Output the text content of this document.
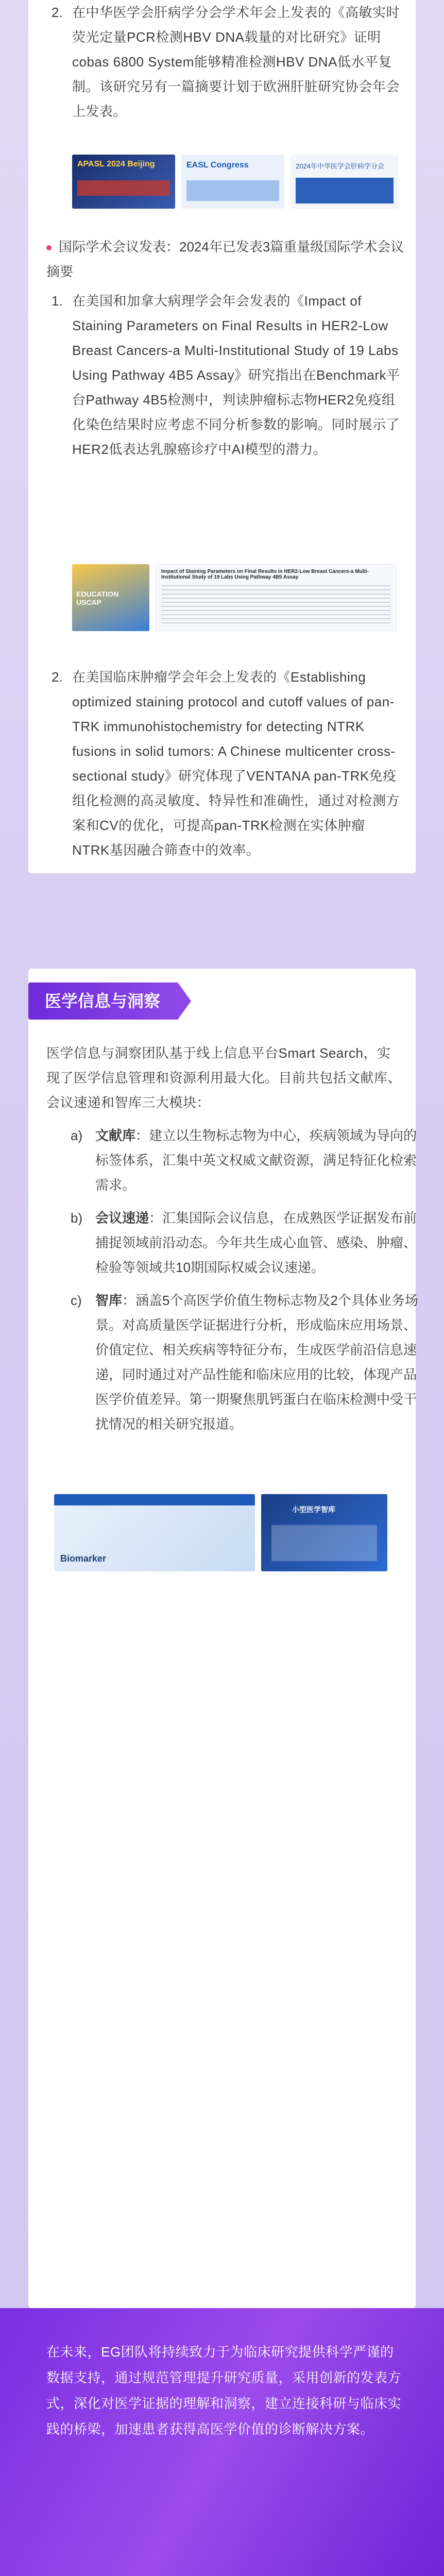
2. 在中华医学会肝病学分会学术年会上发表的《高敏实时荧光定量PCR检测HBV DNA载量的对比研究》证明cobas 6800 System能够精准检测HBV DNA低水平复制。该研究另有一篇摘要计划于欧洲肝脏研究协会年会上发表。
APASL 2024 Beijing	EASL Congress	2024年中华医学会肝病学分会
国际学术会议发表：2024年已发表3篇重量级国际学术会议摘要
1. 在美国和加拿大病理学会年会发表的《Impact of Staining Parameters on Final Results in HER2-Low Breast Cancers-a Multi-Institutional Study of 19 Labs Using Pathway 4B5 Assay》研究指出在Benchmark平台Pathway 4B5检测中，判读肿瘤标志物HER2免疫组化染色结果时应考虑不同分析参数的影响。同时展示了HER2低表达乳腺癌诊疗中AI模型的潜力。
EDUCATION USCAP
Impact of Staining Parameters on Final Results in HER2-Low Breast Cancers-a Multi-Institutional Study of 19 Labs Using Pathway 4B5 Assay
2. 在美国临床肿瘤学会年会上发表的《Establishing optimized staining protocol and cutoff values of pan-TRK immunohistochemistry for detecting NTRK fusions in solid tumors: A Chinese multicenter cross-sectional study》研究体现了VENTANA pan-TRK免疫组化检测的高灵敏度、特异性和准确性，通过对检测方案和CV的优化，可提高pan-TRK检测在实体肿瘤NTRK基因融合筛查中的效率。
医学信息与洞察团队基于线上信息平台Smart Search，实现了医学信息管理和资源利用最大化。目前共包括文献库、会议速递和智库三大模块：
a) 文献库：建立以生物标志物为中心，疾病领域为导向的标签体系，汇集中英文权威文献资源，满足特征化检索需求。
b) 会议速递：汇集国际会议信息，在成熟医学证据发布前捕捉领域前沿动态。今年共生成心血管、感染、肿瘤、检验等领域共10期国际权威会议速递。
c)	智库：涵盖5个高医学价值生物标志物及2个具体业务场景。对高质量医学证据进行分析，形成临床应用场景、价值定位、相关疾病等特征分布，生成医学前沿信息速递，同时通过对产品性能和临床应用的比较，体现产品医学价值差异。第一期聚焦肌钙蛋白在临床检测中受干扰情况的相关研究报道。
Biomarker
小型医学智库
医学信息与洞察

在未来，EG团队将持续致力于为临床研究提供科学严谨的数据支持，通过规范管理提升研究质量，采用创新的发表方式，深化对医学证据的理解和洞察，建立连接科研与临床实践的桥梁，加速患者获得高医学价值的诊断解决方案。
